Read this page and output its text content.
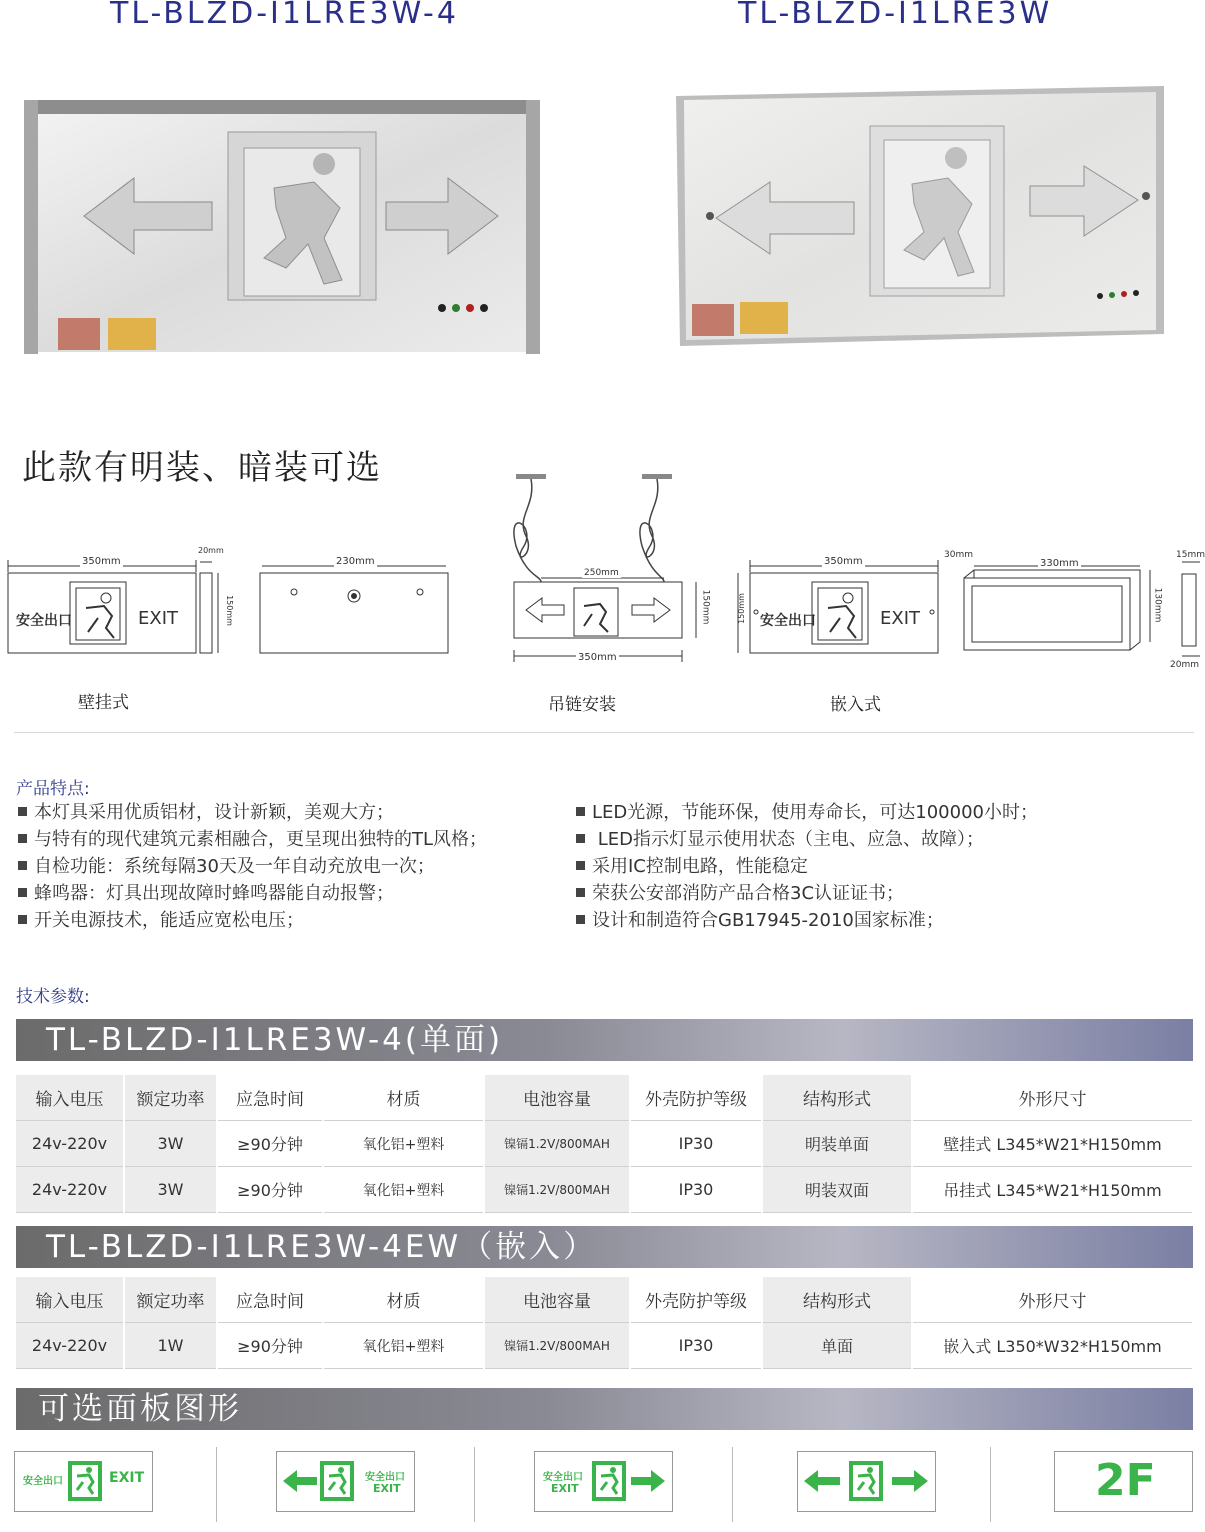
TL-BLZD-Ⅰ1LRE3W-4	TL-BLZD-Ⅰ1LRE3W
此款有明装、暗装可选
350mm
20mm
150mm
230mm
安全出口	EXIT
壁挂式
250mm
350mm
150mm
吊链安装
350mm
150mm
30mm
330mm
130mm
15mm
20mm
安全出口	EXIT
嵌入式
产品特点:
本灯具采用优质铝材，设计新颖，美观大方；
与特有的现代建筑元素相融合，更呈现出独特的TL风格；
自检功能：系统每隔30天及一年自动充放电一次；
蜂鸣器：灯具出现故障时蜂鸣器能自动报警；
开关电源技术，能适应宽松电压；
LED光源，节能环保，使用寿命长，可达100000小时；
LED指示灯显示使用状态（主电、应急、故障）；
采用IC控制电路，性能稳定
荣获公安部消防产品合格3C认证证书；
设计和制造符合GB17945-2010国家标准；
技术参数:
TL-BLZD-Ⅰ1LRE3W-4(单面)
输入电压	额定功率	应急时间	材质	电池容量	外壳防护等级	结构形式	外形尺寸
24v-220v	3W	≥90分钟	氧化铝+塑料	镍镉1.2V/800MAH	IP30	明装单面	壁挂式 L345*W21*H150mm
24v-220v	3W	≥90分钟	氧化铝+塑料	镍镉1.2V/800MAH	IP30	明装双面	吊挂式 L345*W21*H150mm
TL-BLZD-Ⅰ1LRE3W-4EW（嵌入）
输入电压	额定功率	应急时间	材质	电池容量	外壳防护等级	结构形式	外形尺寸
24v-220v	1W	≥90分钟	氧化铝+塑料	镍镉1.2V/800MAH	IP30	单面	嵌入式 L350*W32*H150mm
可选面板图形
安全出口	EXIT	安全出口
EXIT
安全出口
EXIT	2F
